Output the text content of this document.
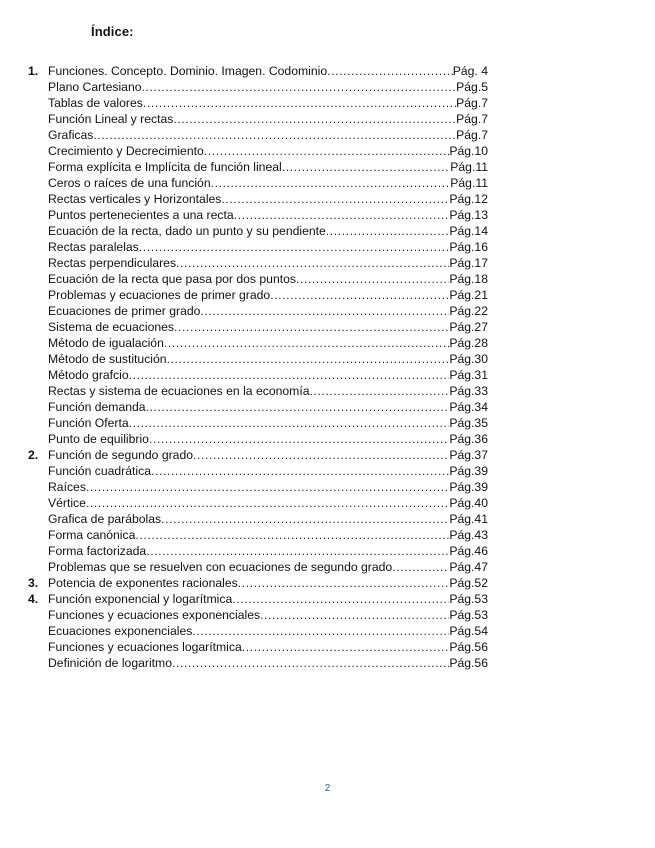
Índice:
1. Funciones. Concepto. Dominio. Imagen. Codominio .....	Pág. 4
Plano Cartesiano .....	Pág.5
Tablas de valores .....	Pág.7
Función Lineal y rectas .....	Pág.7
Graficas .....	Pág.7
Crecimiento y Decrecimiento .....	Pág.10
Forma explícita e Implícita de función lineal .....	Pág.11
Ceros o raíces de una función .....	Pág.11
Rectas verticales y Horizontales .....	Pág.12
Puntos pertenecientes a una recta .....	Pág.13
Ecuación de la recta, dado un punto y su pendiente .....	Pág.14
Rectas paralelas .....	Pág.16
Rectas perpendiculares .....	Pág.17
Ecuación de la recta que pasa por dos puntos .....	Pág.18
Problemas y ecuaciones de primer grado .....	Pág.21
Ecuaciones de primer grado .....	Pág.22
Sistema de ecuaciones .....	Pág.27
Método de igualación .....	Pág.28
Método de sustitución .....	Pág.30
Método grafcio .....	Pág.31
Rectas y sistema de ecuaciones en la economía .....	Pág.33
Función demanda .....	Pág.34
Función Oferta .....	Pág.35
Punto de equilibrio .....	Pág.36
2. Función de segundo grado .....	Pág.37
Función cuadrática .....	Pág.39
Raíces .....	Pág.39
Vértice .....	Pág.40
Grafica de parábolas .....	Pág.41
Forma canónica .....	Pág.43
Forma factorizada .....	Pág.46
Problemas que se resuelven con ecuaciones de segundo grado .....	Pág.47
3. Potencia de exponentes racionales .....	Pág.52
4. Función exponencial y logarítmica .....	Pág.53
Funciones y ecuaciones exponenciales .....	Pág.53
Ecuaciones exponenciales .....	Pág.54
Funciones y ecuaciones logarítmica .....	Pág.56
Definición de logaritmo .....	Pág.56
2
